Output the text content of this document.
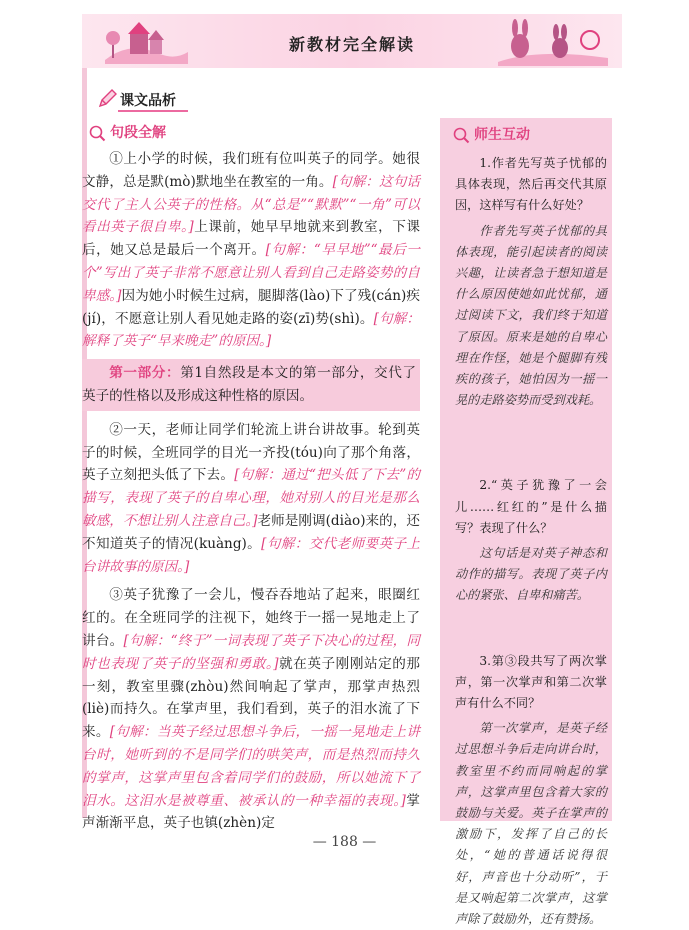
新教材完全解读
课文品析
句段全解

①上小学的时候，我们班有位叫英子的同学。她很文静，总是默(mò)默地坐在教室的一角。[句解：这句话交代了主人公英子的性格。从“总是”“默默”“一角”可以看出英子很自卑。]上课前，她早早地就来到教室，下课后，她又总是最后一个离开。[句解：“早早地”“最后一个”写出了英子非常不愿意让别人看到自己走路姿势的自卑感。]因为她小时候生过病，腿脚落(lào)下了残(cán)疾(jí)，不愿意让别人看见她走路的姿(zī)势(shì)。[句解：解释了英子“早来晚走”的原因。]

第一部分：第1自然段是本文的第一部分，交代了英子的性格以及形成这种性格的原因。

②一天，老师让同学们轮流上讲台讲故事。轮到英子的时候，全班同学的目光一齐投(tóu)向了那个角落，英子立刻把头低了下去。[句解：通过“把头低了下去”的描写，表现了英子的自卑心理，她对别人的目光是那么敏感，不想让别人注意自己。]老师是刚调(diào)来的，还不知道英子的情况(kuàng)。[句解：交代老师要英子上台讲故事的原因。]

③英子犹豫了一会儿，慢吞吞地站了起来，眼圈红红的。在全班同学的注视下，她终于一摇一晃地走上了讲台。[句解：“终于”一词表现了英子下决心的过程，同时也表现了英子的坚强和勇敢。]就在英子刚刚站定的那一刻，教室里骤(zhòu)然间响起了掌声，那掌声热烈(liè)而持久。在掌声里，我们看到，英子的泪水流了下来。[句解：当英子经过思想斗争后，一摇一晃地走上讲台时，她听到的不是同学们的哄笑声，而是热烈而持久的掌声，这掌声里包含着同学们的鼓励，所以她流下了泪水。这泪水是被尊重、被承认的一种幸福的表现。]掌声渐渐平息，英子也镇(zhèn)定

师生互动

1.作者先写英子忧郁的具体表现，然后再交代其原因，这样写有什么好处？

作者先写英子忧郁的具体表现，能引起读者的阅读兴趣，让读者急于想知道是什么原因使她如此忧郁，通过阅读下文，我们终于知道了原因。原来是她的自卑心理在作怪，她是个腿脚有残疾的孩子，她怕因为一摇一晃的走路姿势而受到戏耗。

2.“英子犹豫了一会儿……红红的”是什么描写？表现了什么？

这句话是对英子神态和动作的描写。表现了英子内心的紧张、自卑和痛苦。

3.第③段共写了两次掌声，第一次掌声和第二次掌声有什么不同？

第一次掌声，是英子经过思想斗争后走向讲台时，教室里不约而同响起的掌声，这掌声里包含着大家的鼓励与关爱。英子在掌声的激励下，发挥了自己的长处，“她的普通话说得很好，声音也十分动听”，于是又响起第二次掌声，这掌声除了鼓励外，还有赞扬。

— 188 —
